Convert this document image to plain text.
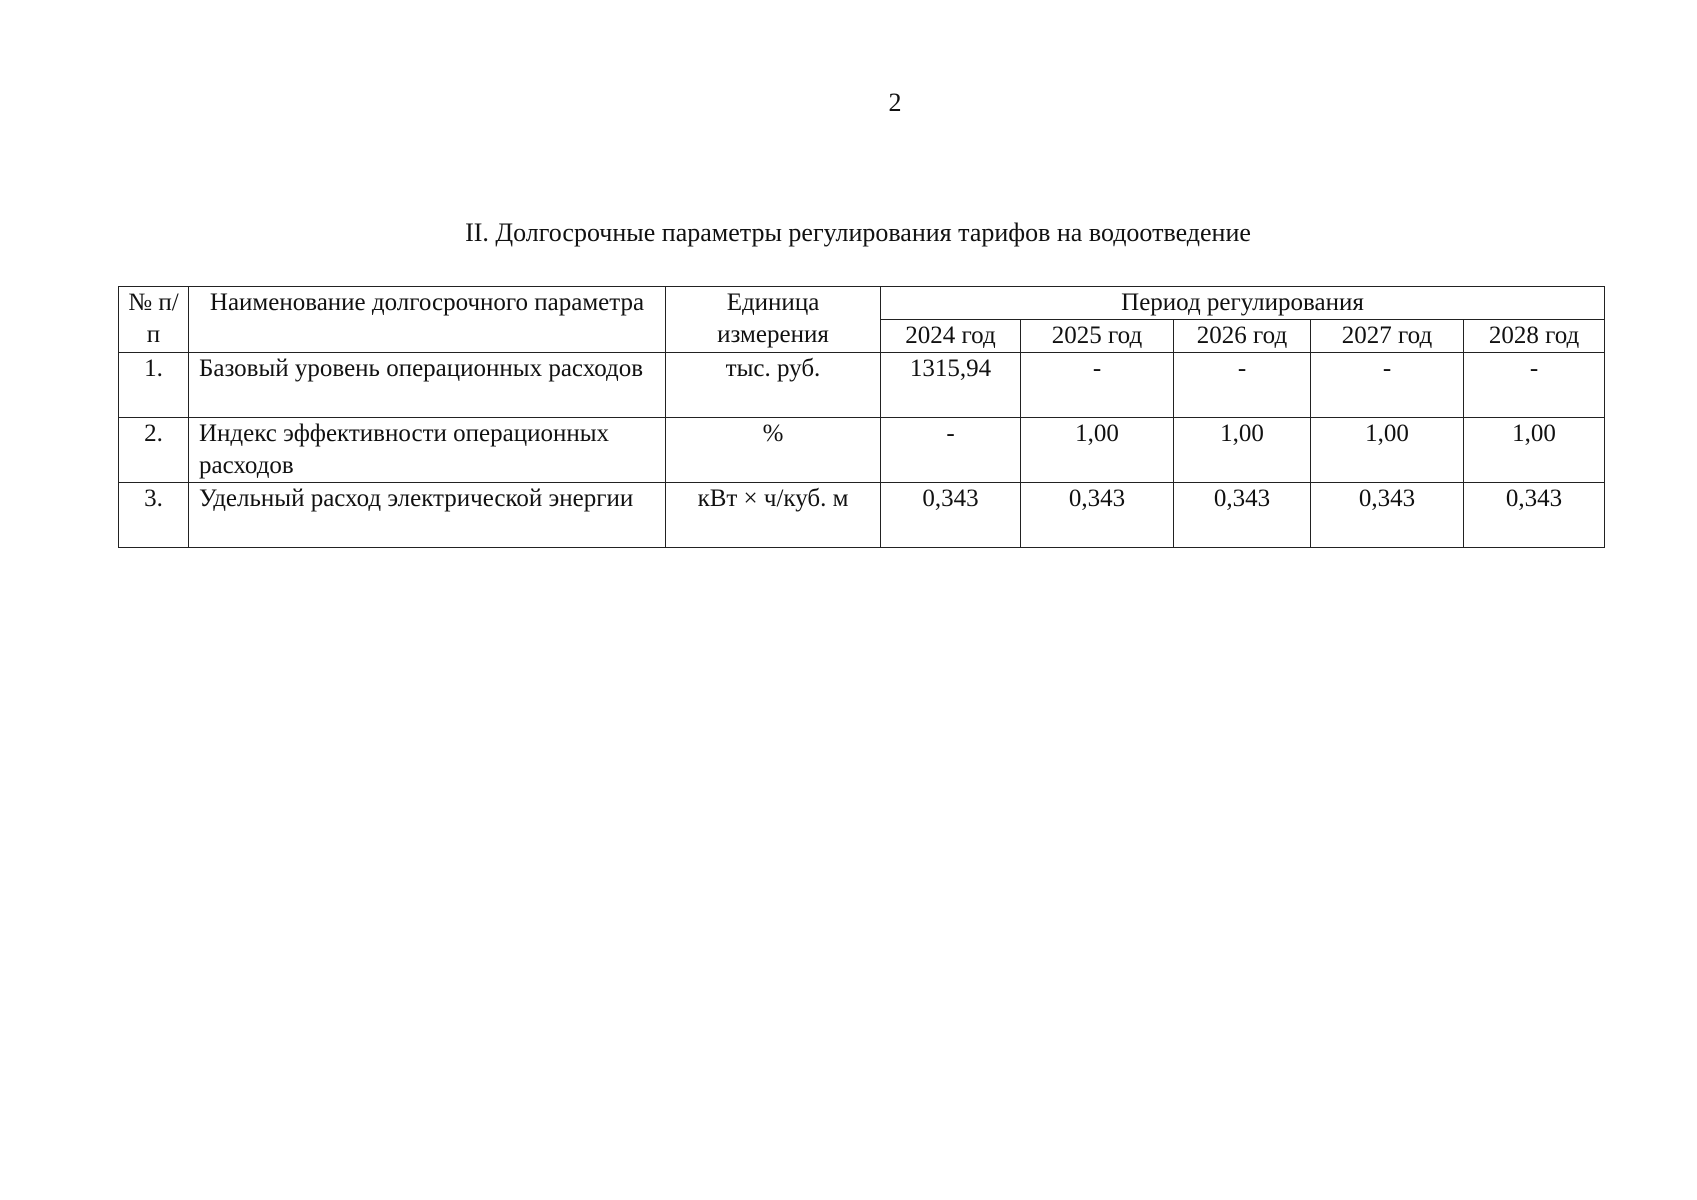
2
II. Долгосрочные параметры регулирования тарифов на водоотведение
№ п/п	Наименование долгосрочного параметра	Единица измерения	Период регулирования				
			2024 год	2025 год	2026 год	2027 год	2028 год
1.	Базовый уровень операционных расходов	тыс. руб.	1315,94	-	-	-	-
2.	Индекс эффективности операционных расходов	%	-	1,00	1,00	1,00	1,00
3.	Удельный расход электрической энергии	кВт × ч/куб. м	0,343	0,343	0,343	0,343	0,343
